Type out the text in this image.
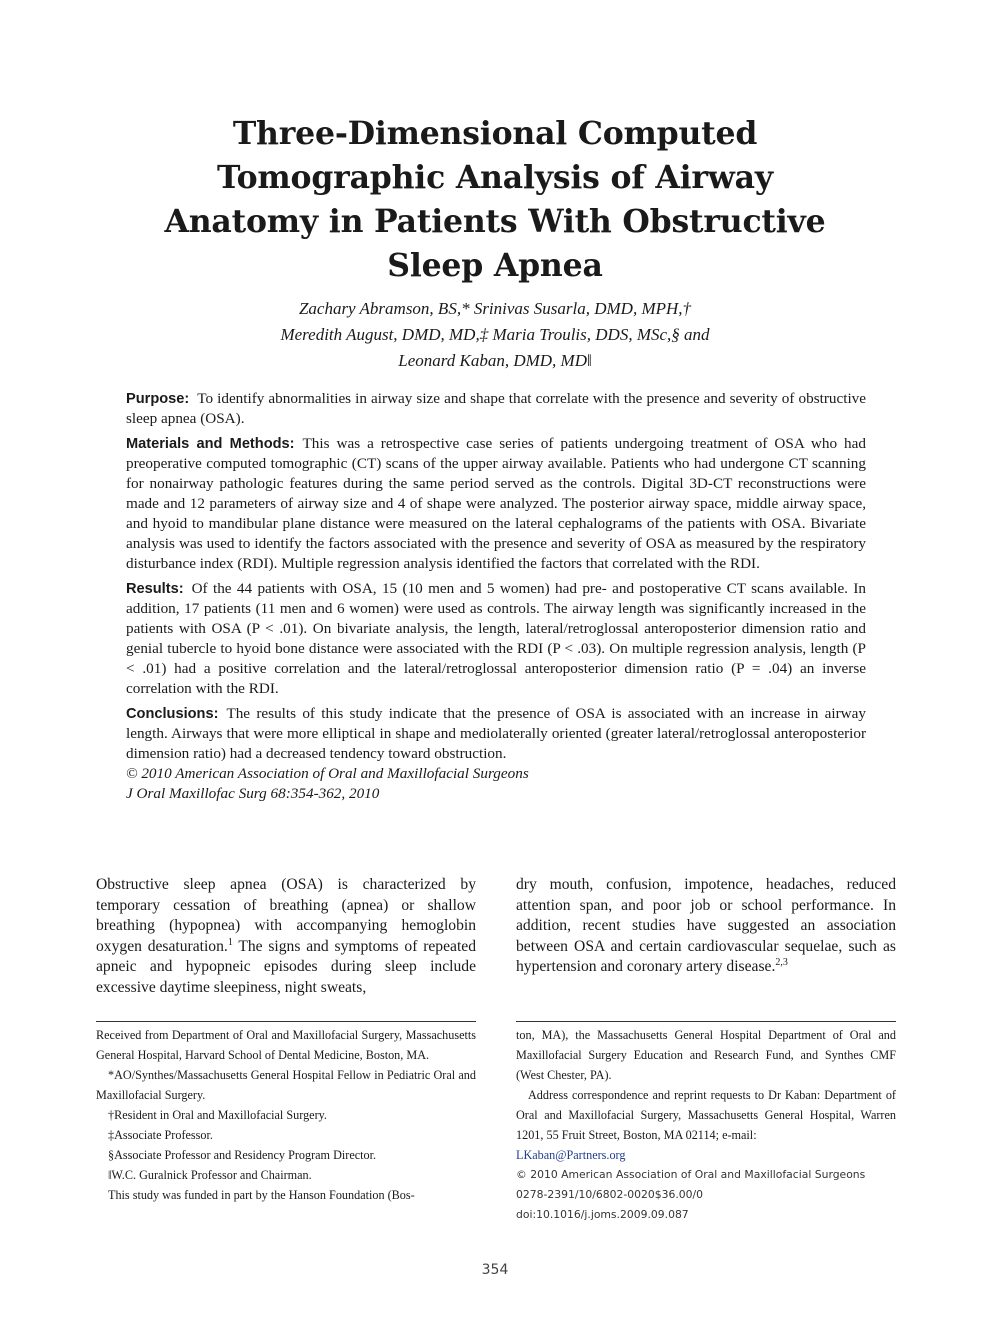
Three-Dimensional Computed
Tomographic Analysis of Airway
Anatomy in Patients With Obstructive
Sleep Apnea
Zachary Abramson, BS,* Srinivas Susarla, DMD, MPH,†
Meredith August, DMD, MD,‡ Maria Troulis, DDS, MSc,§ and
Leonard Kaban, DMD, MD‖

Purpose: To identify abnormalities in airway size and shape that correlate with the presence and severity of obstructive sleep apnea (OSA).

Materials and Methods: This was a retrospective case series of patients undergoing treatment of OSA who had preoperative computed tomographic (CT) scans of the upper airway available. Patients who had undergone CT scanning for nonairway pathologic features during the same period served as the controls. Digital 3D-CT reconstructions were made and 12 parameters of airway size and 4 of shape were analyzed. The posterior airway space, middle airway space, and hyoid to mandibular plane distance were measured on the lateral cephalograms of the patients with OSA. Bivariate analysis was used to identify the factors associated with the presence and severity of OSA as measured by the respiratory disturbance index (RDI). Multiple regression analysis identified the factors that correlated with the RDI.

Results: Of the 44 patients with OSA, 15 (10 men and 5 women) had pre- and postoperative CT scans available. In addition, 17 patients (11 men and 6 women) were used as controls. The airway length was significantly increased in the patients with OSA (P < .01). On bivariate analysis, the length, lateral/retroglossal anteroposterior dimension ratio and genial tubercle to hyoid bone distance were associated with the RDI (P < .03). On multiple regression analysis, length (P < .01) had a positive correlation and the lateral/retroglossal anteroposterior dimension ratio (P = .04) an inverse correlation with the RDI.

Conclusions: The results of this study indicate that the presence of OSA is associated with an increase in airway length. Airways that were more elliptical in shape and mediolaterally oriented (greater lateral/retroglossal anteroposterior dimension ratio) had a decreased tendency toward obstruction.
© 2010 American Association of Oral and Maxillofacial Surgeons
J Oral Maxillofac Surg 68:354-362, 2010

Obstructive sleep apnea (OSA) is characterized by temporary cessation of breathing (apnea) or shallow breathing (hypopnea) with accompanying hemoglobin oxygen desaturation.$^1$ The signs and symptoms of repeated apneic and hypopneic episodes during sleep include excessive daytime sleepiness, night sweats,

dry mouth, confusion, impotence, headaches, reduced attention span, and poor job or school performance. In addition, recent studies have suggested an association between OSA and certain cardiovascular sequelae, such as hypertension and coronary artery disease.$^{2,3}$

Received from Department of Oral and Maxillofacial Surgery, Massachusetts General Hospital, Harvard School of Dental Medicine, Boston, MA.

*AO/Synthes/Massachusetts General Hospital Fellow in Pediatric Oral and Maxillofacial Surgery.

†Resident in Oral and Maxillofacial Surgery.

‡Associate Professor.

§Associate Professor and Residency Program Director.

‖W.C. Guralnick Professor and Chairman.

This study was funded in part by the Hanson Foundation (Bos-

ton, MA), the Massachusetts General Hospital Department of Oral and Maxillofacial Surgery Education and Research Fund, and Synthes CMF (West Chester, PA).

Address correspondence and reprint requests to Dr Kaban: Department of Oral and Maxillofacial Surgery, Massachusetts General Hospital, Warren 1201, 55 Fruit Street, Boston, MA 02114; e-mail:

LKaban@Partners.org

© 2010 American Association of Oral and Maxillofacial Surgeons

0278-2391/10/6802-0020$36.00/0

doi:10.1016/j.joms.2009.09.087

354
